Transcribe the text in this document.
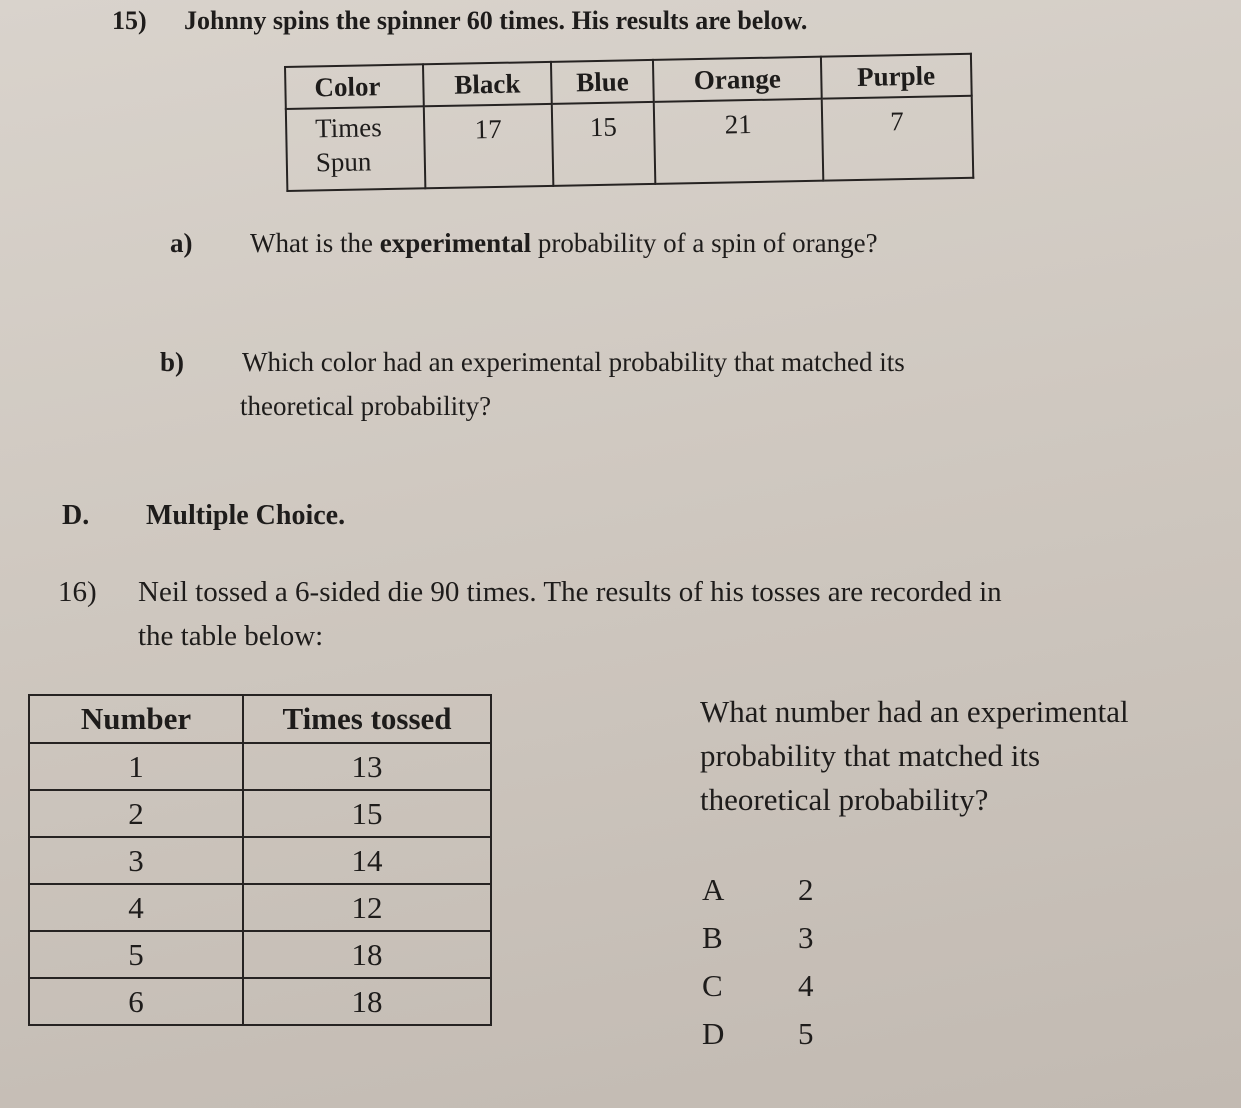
15) Johnny spins the spinner 60 times. His results are below.
Color	Black	Blue	Orange	Purple

Times
Spun	17	15	21	7
a) What is the experimental probability of a spin of orange?
b) Which color had an experimental probability that matched its
theoretical probability?
D. Multiple Choice.
16) Neil tossed a 6-sided die 90 times. The results of his tosses are recorded in
the table below:
Number	Times tossed
1	13
2	15
3	14
4	12
5	18
6	18
What number had an experimental
probability that matched its
theoretical probability?
A	2
B	3
C	4
D	5
